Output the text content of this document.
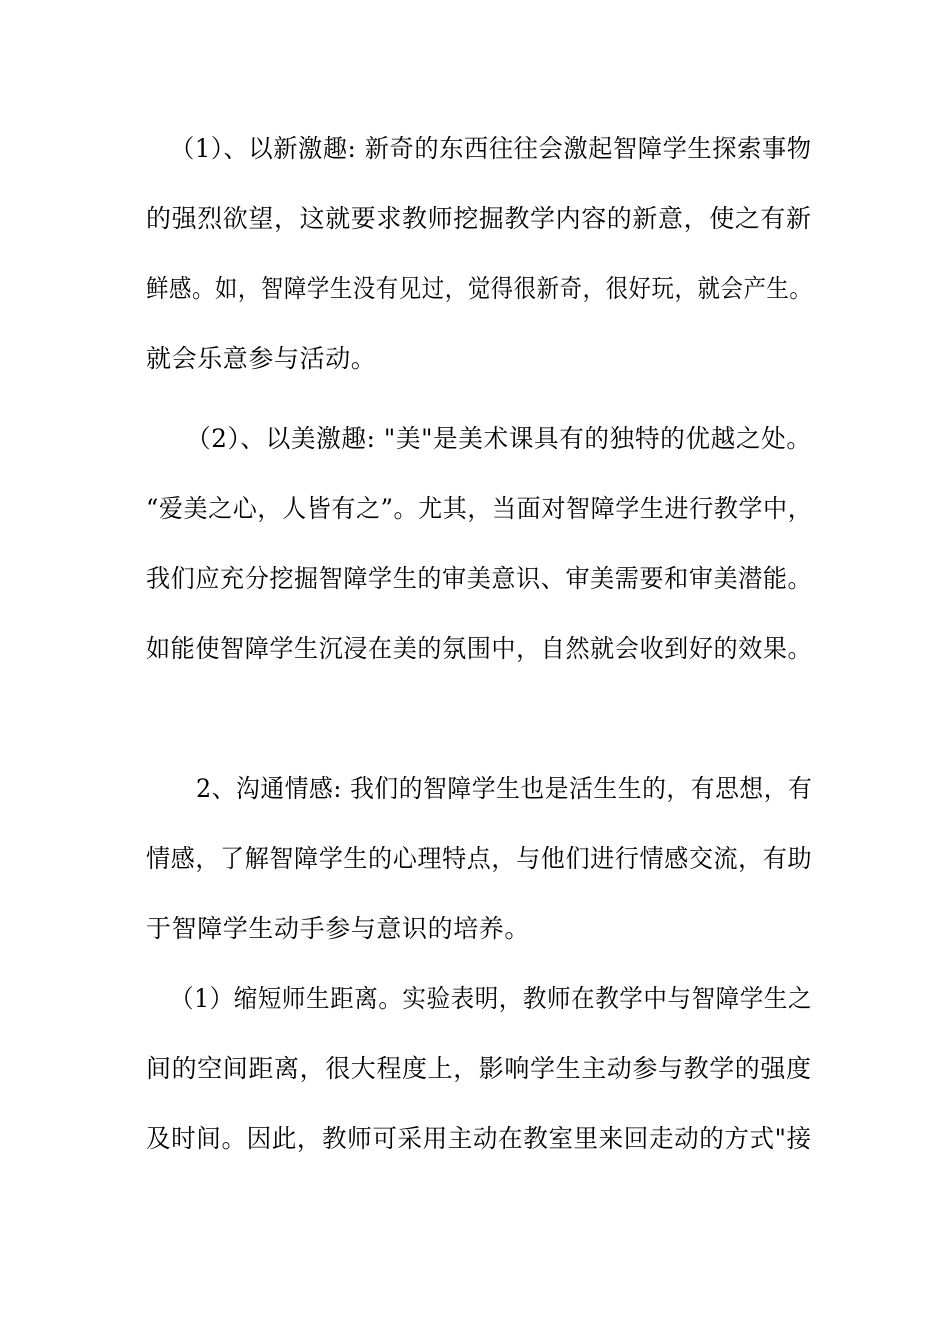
（1）、以新激趣: 新奇的东西往往会激起智障学生探索事物
的强烈欲望，这就要求教师挖掘教学内容的新意，使之有新
鲜感。如，智障学生没有见过，觉得很新奇，很好玩，就会产生。
就会乐意参与活动。
（2）、以美激趣: "美"是美术课具有的独特的优越之处。
“爱美之心，人皆有之”。尤其，当面对智障学生进行教学中，
我们应充分挖掘智障学生的审美意识、审美需要和审美潜能。
如能使智障学生沉浸在美的氛围中，自然就会收到好的效果。
2、沟通情感: 我们的智障学生也是活生生的，有思想，有
情感，了解智障学生的心理特点，与他们进行情感交流，有助
于智障学生动手参与意识的培养。
（1）缩短师生距离。实验表明，教师在教学中与智障学生之
间的空间距离，很大程度上，影响学生主动参与教学的强度
及时间。因此，教师可采用主动在教室里来回走动的方式"接
